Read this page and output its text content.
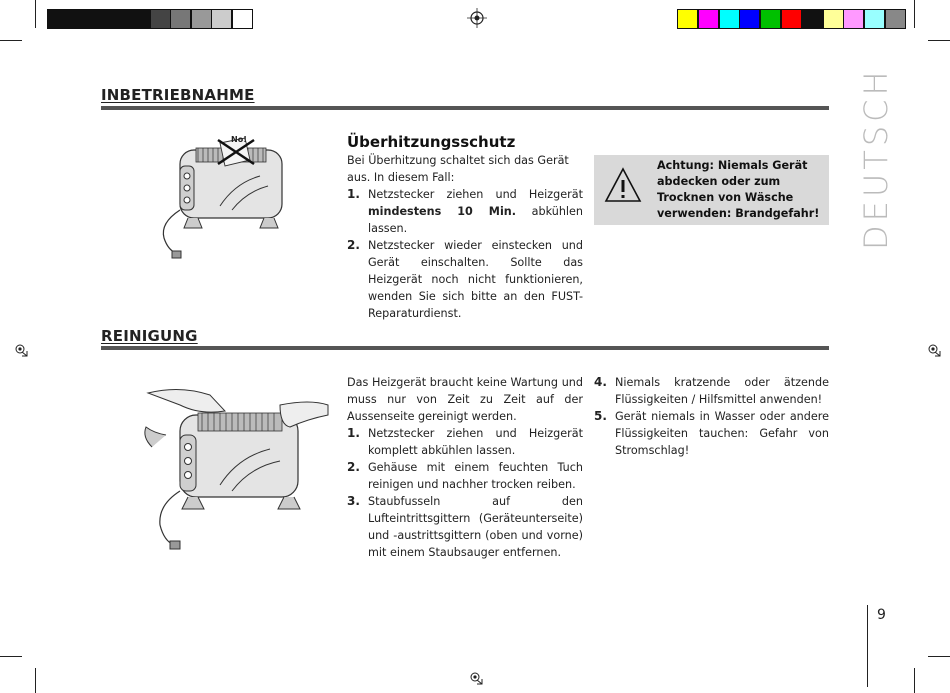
INBETRIEBNAHME
No!	Überhitzungsschutz
Bei Überhitzung schaltet sich das Gerät aus. In diesem Fall:
1. Netzstecker ziehen und Heizgerät mindestens 10 Min. abkühlen lassen.
2. Netzstecker wieder einstecken und Gerät einschalten. Sollte das Heizgerät noch nicht funktionieren, wenden Sie sich bitte an den FUST-Reparaturdienst.
Achtung: Niemals Gerät abdecken oder zum Trocknen von Wäsche verwenden: Brandgefahr! DEUTSCH
REINIGUNG
Das Heizgerät braucht keine Wartung und muss nur von Zeit zu Zeit auf der Aussenseite gereinigt werden.
1. Netzstecker ziehen und Heizgerät komplett abkühlen lassen.
2. Gehäuse mit einem feuchten Tuch reinigen und nachher trocken reiben.
3. Staubfusseln auf den Lufteintrittsgittern (Geräteunterseite) und -austrittsgittern (oben und vorne) mit einem Staubsauger entfernen.
4. Niemals kratzende oder ätzende Flüssigkeiten / Hilfsmittel anwenden!
5. Gerät niemals in Wasser oder andere Flüssigkeiten tauchen: Gefahr von Stromschlag!
9
